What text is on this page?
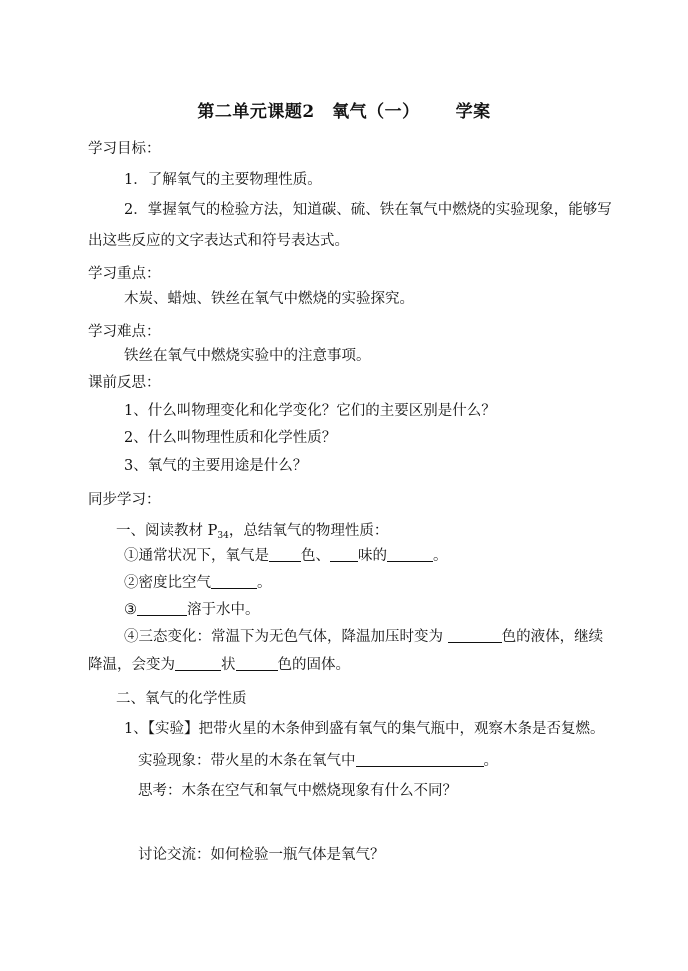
第二单元课题2　氧气（一） 学案
学习目标：
1．了解氧气的主要物理性质。
2．掌握氧气的检验方法，知道碳、硫、铁在氧气中燃烧的实验现象，能够写
出这些反应的文字表达式和符号表达式。
学习重点：
木炭、蜡烛、铁丝在氧气中燃烧的实验探究。
学习难点：
铁丝在氧气中燃烧实验中的注意事项。
课前反思：
1、什么叫物理变化和化学变化？它们的主要区别是什么？
2、什么叫物理性质和化学性质？
3、氧气的主要用途是什么？
同步学习：
一、阅读教材 $P_{34}$，总结氧气的物理性质：
①通常状况下，氧气是 色、 味的	。
②密度比空气	。
③	溶于水中。
④三态变化：常温下为无色气体，降温加压时变为	色的液体，继续
降温，会变为	状	色的固体。
二、氧气的化学性质
1、【实验】把带火星的木条伸到盛有氧气的集气瓶中，观察木条是否复燃。
实验现象：带火星的木条在氧气中	。
思考：木条在空气和氧气中燃烧现象有什么不同？
讨论交流：如何检验一瓶气体是氧气？
